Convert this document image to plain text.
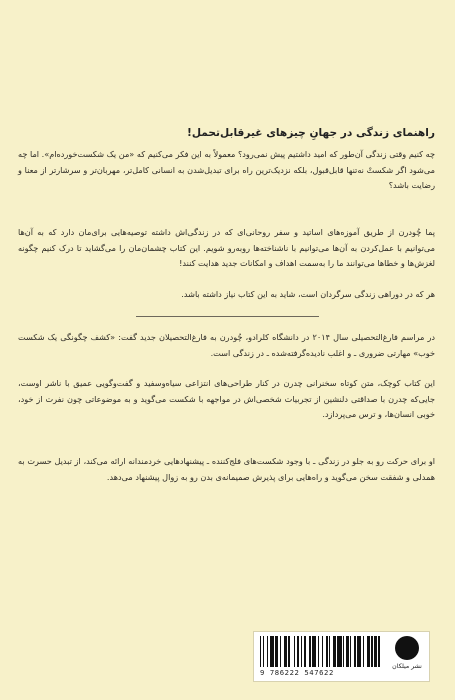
راهنمای زندگی در جهانِ چیزهای غیرقابل‌تحمل!
چه کنیم وقتی زندگی آن‌طور که امید داشتیم پیش نمی‌رود؟ معمولاً به این فکر می‌کنیم که «من یک شکست‌خورده‌ام». اما چه می‌شود اگر شکستْ نه‌تنها قابل‌قبول، بلکه نزدیک‌ترین راه برای تبدیل‌شدن به انسانی کامل‌تر، مهربان‌تر و سرشارتر از معنا و رضایت باشد؟
پما چُودرن از طریق آموزه‌های اساتید و سفر روحانی‌ای که در زندگی‌اش داشته توصیه‌هایی برای‌مان دارد که به آن‌ها می‌توانیم با عمل‌کردن به آن‌ها می‌توانیم با ناشناخته‌ها روبه‌رو شویم. این کتاب چشمان‌مان را می‌گشاید تا درک کنیم چگونه لغزش‌ها و خطاها می‌توانند ما را به‌سمت اهداف و امکانات جدید هدایت کنند!
هر که در دوراهی زندگی سرگردان است، شاید به این کتاب نیاز داشته باشد.
در مراسم فارغ‌التحصیلی سال ۲۰۱۴ در دانشگاه کلرادو، چُودرن به فارغ‌التحصیلان جدید گفت: «کشف چگونگی یک شکست خوب» مهارتی ضروری ـ و اغلب نادیده‌گرفته‌شده ـ در زندگی است.
این کتاب کوچک، متن کوتاه سخنرانی چدرن در کنار طراحی‌های انتزاعی سیاه‌وسفید و گفت‌وگویی عمیق با ناشر اوست، جایی‌که چدرن با صداقتی دلنشین از تجربیات شخصی‌اش در مواجهه با شکست می‌گوید و به موضوعاتی چون نفرت از خود، خوبی انسان‌ها، و ترس می‌پردازد.
او برای حرکت رو به جلو در زندگی ـ با وجود شکست‌های فلج‌کننده ـ پیشنهادهایی خردمندانه ارائه می‌کند، از تبدیل حسرت به همدلی و شفقت سخن می‌گوید و راه‌هایی برای پذیرش صمیمانه‌ی بدن رو به زوال پیشنهاد می‌دهد.
9 786222 547622
نشر میلکان
